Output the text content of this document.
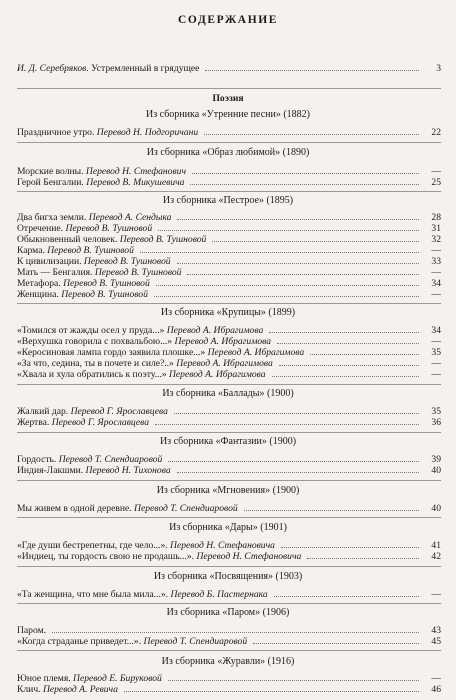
СОДЕРЖАНИЕ
И. Д. Серебряков. Устремленный в грядущее	3
Поэзия
Из сборника «Утренние песни» (1882)
Праздничное утро. Перевод Н. Подгоричани	22
Из сборника «Образ любимой» (1890)
Морские волны. Перевод Н. Стефанович	—
Герой Бенгалии. Перевод В. Микушевича	25
Из сборника «Пестрое» (1895)
Два бигха земли. Перевод А. Сендыка	28
Отречение. Перевод В. Тушновой	31
Обыкновенный человек. Перевод В. Тушновой	32
Карма. Перевод В. Тушновой	—
К цивилизации. Перевод В. Тушновой	33
Мать — Бенгалия. Перевод В. Тушновой	—
Метафора. Перевод В. Тушновой	34
Женщина. Перевод В. Тушновой	—
Из сборника «Крупицы» (1899)
«Томился от жажды осел у пруда...» Перевод А. Ибрагимова	34
«Верхушка говорила с похвальбою...» Перевод А. Ибрагимова	—
«Керосиновая лампа гордо заявила плошке...» Перевод А. Ибрагимова	35
«За что, седина, ты в почете и силе?..» Перевод А. Ибрагимова	—
«Хвала и хула обратились к поэту...» Перевод А. Ибрагимова	—
Из сборника «Баллады» (1900)
Жалкий дар. Перевод Г. Ярославцева	35
Жертва. Перевод Г. Ярославцева	36
Из сборника «Фантазии» (1900)
Гордость. Перевод Т. Спендиаровой	39
Индия-Лакшми. Перевод Н. Тихонова	40
Из сборника «Мгновения» (1900)
Мы живем в одной деревне. Перевод Т. Спендиаровой	40
Из сборника «Дары» (1901)
«Где души бестрепетны, где чело...». Перевод Н. Стефановича	41
«Индиец, ты гордость свою не продашь...». Перевод Н. Стефановича	42
Из сборника «Посвящения» (1903)
«Та женщина, что мне была мила...». Перевод Б. Пастернака	—
Из сборника «Паром» (1906)
Паром.	43
«Когда страданье приведет...». Перевод Т. Спендиаровой	45
Из сборника «Журавли» (1916)
Юное племя. Перевод Е. Бируковой	—
Клич. Перевод А. Ревича	46
